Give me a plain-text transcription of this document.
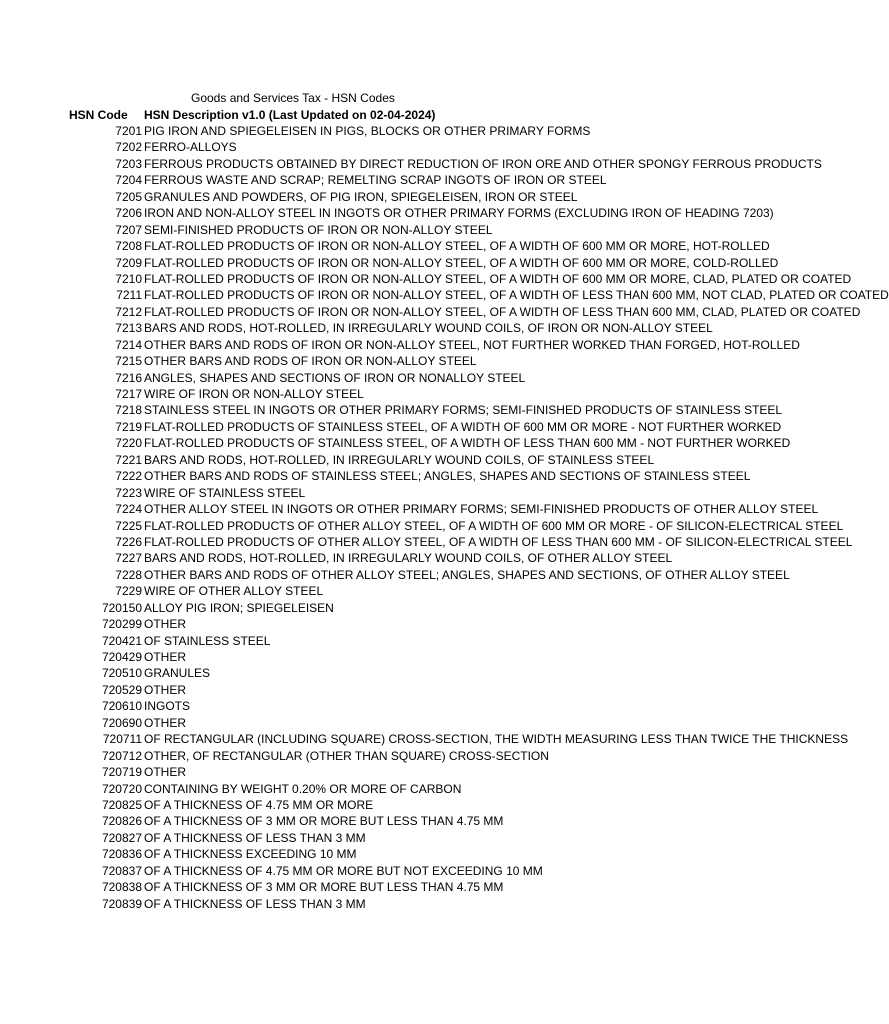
Goods and Services Tax - HSN Codes
HSN Code HSN Description v1.0 (Last Updated on 02-04-2024)
7201 PIG IRON AND SPIEGELEISEN IN PIGS, BLOCKS OR OTHER PRIMARY FORMS
7202 FERRO-ALLOYS
7203 FERROUS PRODUCTS OBTAINED BY DIRECT REDUCTION OF IRON ORE AND OTHER SPONGY FERROUS PRODUCTS
7204 FERROUS WASTE AND SCRAP; REMELTING SCRAP INGOTS OF IRON OR STEEL
7205 GRANULES AND POWDERS, OF PIG IRON, SPIEGELEISEN, IRON OR STEEL
7206 IRON AND NON-ALLOY STEEL IN INGOTS OR OTHER PRIMARY FORMS (EXCLUDING IRON OF HEADING 7203)
7207 SEMI-FINISHED PRODUCTS OF IRON OR NON-ALLOY STEEL
7208 FLAT-ROLLED PRODUCTS OF IRON OR NON-ALLOY STEEL, OF A WIDTH OF 600 MM OR MORE, HOT-ROLLED
7209 FLAT-ROLLED PRODUCTS OF IRON OR NON-ALLOY STEEL, OF A WIDTH OF 600 MM OR MORE, COLD-ROLLED
7210 FLAT-ROLLED PRODUCTS OF IRON OR NON-ALLOY STEEL, OF A WIDTH OF 600 MM OR MORE, CLAD, PLATED OR COATED
7211 FLAT-ROLLED PRODUCTS OF IRON OR NON-ALLOY STEEL, OF A WIDTH OF LESS THAN 600 MM, NOT CLAD, PLATED OR COATED
7212 FLAT-ROLLED PRODUCTS OF IRON OR NON-ALLOY STEEL, OF A WIDTH OF LESS THAN 600 MM, CLAD, PLATED OR COATED
7213 BARS AND RODS, HOT-ROLLED, IN IRREGULARLY WOUND COILS, OF IRON OR NON-ALLOY STEEL
7214 OTHER BARS AND RODS OF IRON OR NON-ALLOY STEEL, NOT FURTHER WORKED THAN FORGED, HOT-ROLLED
7215 OTHER BARS AND RODS OF IRON OR NON-ALLOY STEEL
7216 ANGLES, SHAPES AND SECTIONS OF IRON OR NONALLOY STEEL
7217 WIRE OF IRON OR NON-ALLOY STEEL
7218 STAINLESS STEEL IN INGOTS OR OTHER PRIMARY FORMS; SEMI-FINISHED PRODUCTS OF STAINLESS STEEL
7219 FLAT-ROLLED PRODUCTS OF STAINLESS STEEL, OF A WIDTH OF 600 MM OR MORE - NOT FURTHER WORKED
7220 FLAT-ROLLED PRODUCTS OF STAINLESS STEEL, OF A WIDTH OF LESS THAN 600 MM - NOT FURTHER WORKED
7221 BARS AND RODS, HOT-ROLLED, IN IRREGULARLY WOUND COILS, OF STAINLESS STEEL
7222 OTHER BARS AND RODS OF STAINLESS STEEL; ANGLES, SHAPES AND SECTIONS OF STAINLESS STEEL
7223 WIRE OF STAINLESS STEEL
7224 OTHER ALLOY STEEL IN INGOTS OR OTHER PRIMARY FORMS; SEMI-FINISHED PRODUCTS OF OTHER ALLOY STEEL
7225 FLAT-ROLLED PRODUCTS OF OTHER ALLOY STEEL, OF A WIDTH OF 600 MM OR MORE - OF SILICON-ELECTRICAL STEEL
7226 FLAT-ROLLED PRODUCTS OF OTHER ALLOY STEEL, OF A WIDTH OF LESS THAN 600 MM - OF SILICON-ELECTRICAL STEEL
7227 BARS AND RODS, HOT-ROLLED, IN IRREGULARLY WOUND COILS, OF OTHER ALLOY STEEL
7228 OTHER BARS AND RODS OF OTHER ALLOY STEEL; ANGLES, SHAPES AND SECTIONS, OF OTHER ALLOY STEEL
7229 WIRE OF OTHER ALLOY STEEL
720150 ALLOY PIG IRON; SPIEGELEISEN
720299 OTHER
720421 OF STAINLESS STEEL
720429 OTHER
720510 GRANULES
720529 OTHER
720610 INGOTS
720690 OTHER
720711 OF RECTANGULAR (INCLUDING SQUARE) CROSS-SECTION, THE WIDTH MEASURING LESS THAN TWICE THE THICKNESS
720712 OTHER, OF RECTANGULAR (OTHER THAN SQUARE) CROSS-SECTION
720719 OTHER
720720 CONTAINING BY WEIGHT 0.20% OR MORE OF CARBON
720825 OF A THICKNESS OF 4.75 MM OR MORE
720826 OF A THICKNESS OF 3 MM OR MORE BUT LESS THAN 4.75 MM
720827 OF A THICKNESS OF LESS THAN 3 MM
720836 OF A THICKNESS EXCEEDING 10 MM
720837 OF A THICKNESS OF 4.75 MM OR MORE BUT NOT EXCEEDING 10 MM
720838 OF A THICKNESS OF 3 MM OR MORE BUT LESS THAN 4.75 MM
720839 OF A THICKNESS OF LESS THAN 3 MM
